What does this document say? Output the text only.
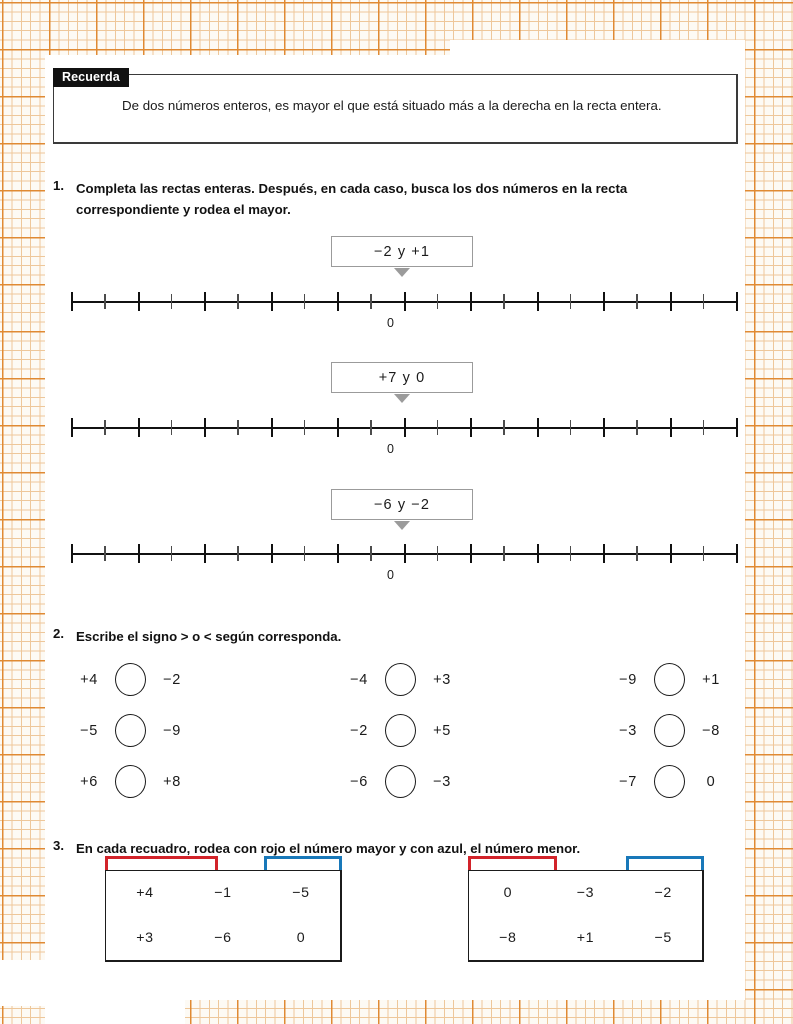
Recuerda
De dos números enteros, es mayor el que está situado más a la derecha en la recta entera.
1. Completa las rectas enteras. Después, en cada caso, busca los dos números en la recta correspondiente y rodea el mayor.
−2 y +1
0
+7 y 0
0
−6 y −2
0
2. Escribe el signo > o < según corresponda.
+4	−2	−4	+3	−9	+1
−5	−9	−2	+5	−3	−8
+6	+8	−6	−3	−7	0
3. En cada recuadro, rodea con rojo el número mayor y con azul, el número menor.
+4	−1	−5
+3	−6	0
0	−3	−2
−8	+1	−5
